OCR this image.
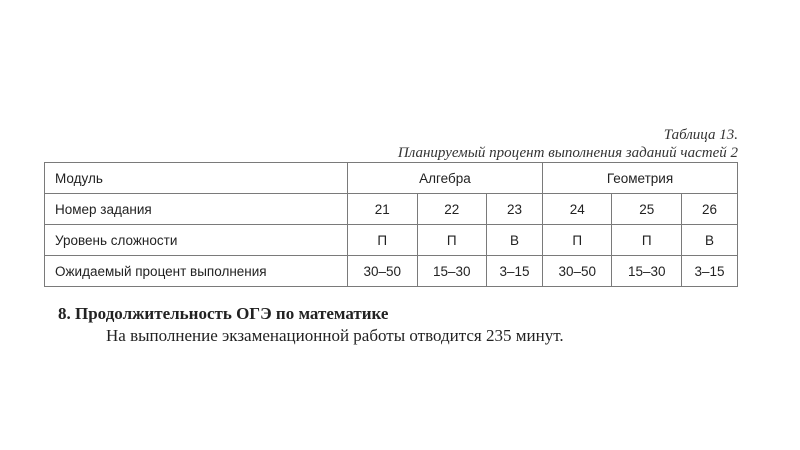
Таблица 13.
Планируемый процент выполнения заданий частей 2
Модуль	Алгебра			Геометрия		
Номер задания	21	22	23	24	25	26
Уровень сложности	П	П	В	П	П	В
Ожидаемый процент выполнения	30–50	15–30	3–15	30–50	15–30	3–15
8. Продолжительность ОГЭ по математике
На выполнение экзаменационной работы отводится 235 минут.
